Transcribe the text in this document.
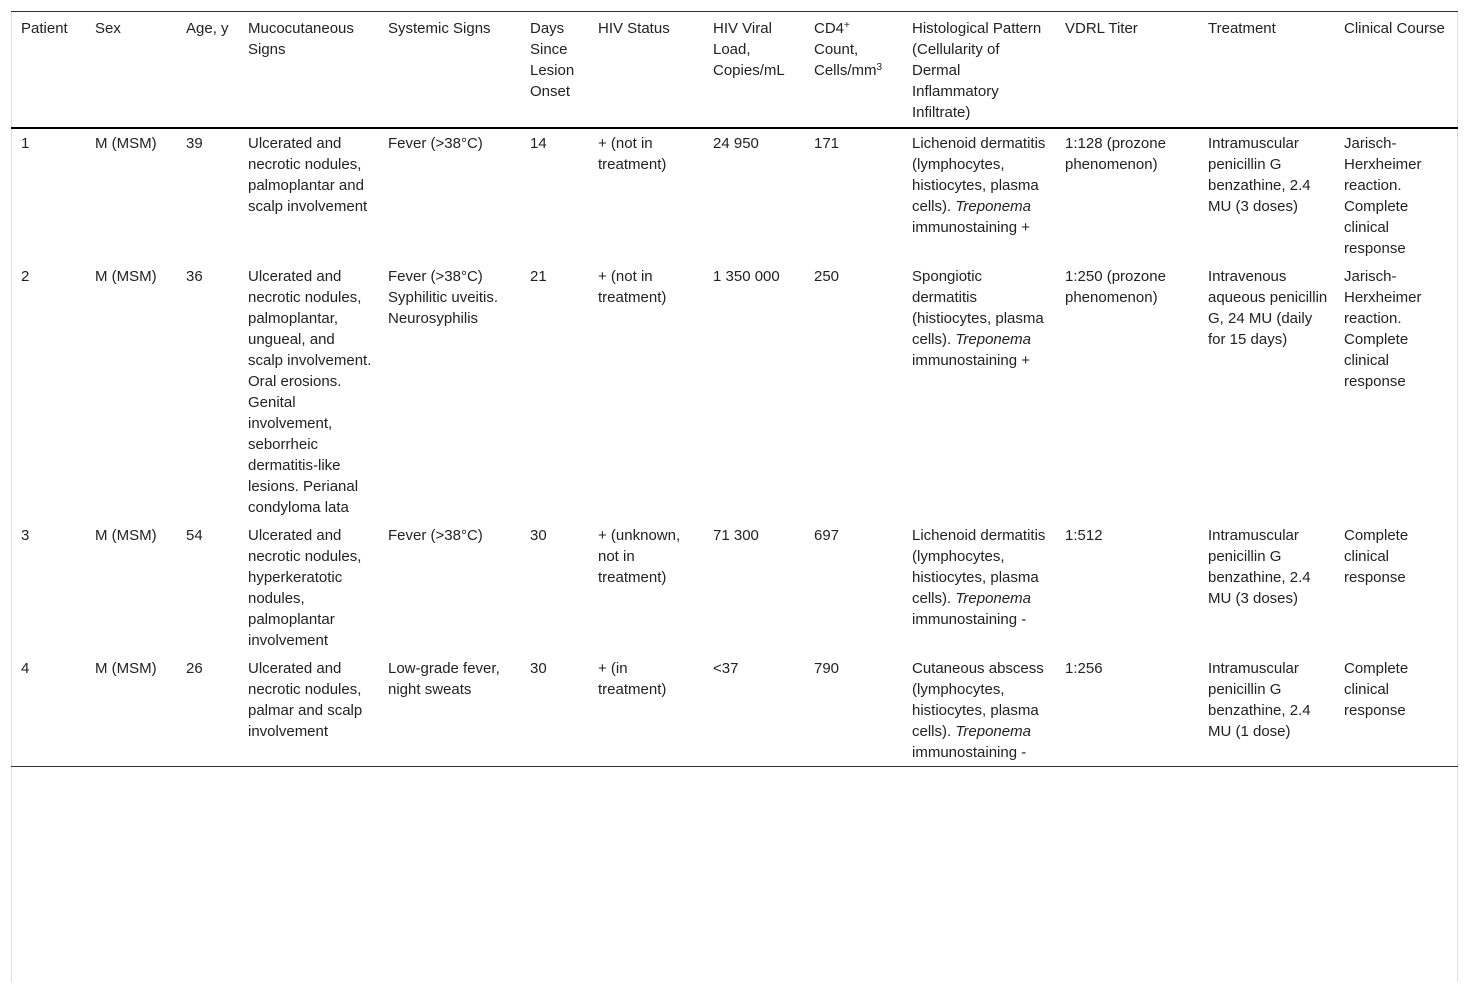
Patient	Sex	Age, y	Mucocutaneous Signs	Systemic Signs	Days Since Lesion Onset	HIV Status	HIV Viral Load, Copies/mL	CD4+ Count, Cells/$mm^3$	Histological Pattern (Cellularity of Dermal Inflammatory Infiltrate)	VDRL Titer	Treatment	Clinical Course
1	M (MSM)	39	Ulcerated and necrotic nodules, palmoplantar and scalp involvement	Fever (>38°C)	14	+ (not in treatment)	24 950	171	Lichenoid dermatitis (lymphocytes, histiocytes, plasma cells). Treponema immunostaining +	1:128 (prozone phenomenon)	Intramuscular penicillin G benzathine, 2.4 MU (3 doses)	Jarisch-Herxheimer reaction. Complete clinical response
2	M (MSM)	36	Ulcerated and necrotic nodules, palmoplantar, ungueal, and scalp involvement. Oral erosions. Genital involvement, seborrheic dermatitis-like lesions. Perianal condyloma lata	Fever (>38°C) Syphilitic uveitis. Neurosyphilis	21	+ (not in treatment)	1 350 000	250	Spongiotic dermatitis (histiocytes, plasma cells). Treponema immunostaining +	1:250 (prozone phenomenon)	Intravenous aqueous penicillin G, 24 MU (daily for 15 days)	Jarisch-Herxheimer reaction. Complete clinical response
3	M (MSM)	54	Ulcerated and necrotic nodules, hyperkeratotic nodules, palmoplantar involvement	Fever (>38°C)	30	+ (unknown, not in treatment)	71 300	697	Lichenoid dermatitis (lymphocytes, histiocytes, plasma cells). Treponema immunostaining -	1:512	Intramuscular penicillin G benzathine, 2.4 MU (3 doses)	Complete clinical response
4	M (MSM)	26	Ulcerated and necrotic nodules, palmar and scalp involvement	Low-grade fever, night sweats	30	+ (in treatment)	<37	790	Cutaneous abscess (lymphocytes, histiocytes, plasma cells). Treponema immunostaining -	1:256	Intramuscular penicillin G benzathine, 2.4 MU (1 dose)	Complete clinical response
